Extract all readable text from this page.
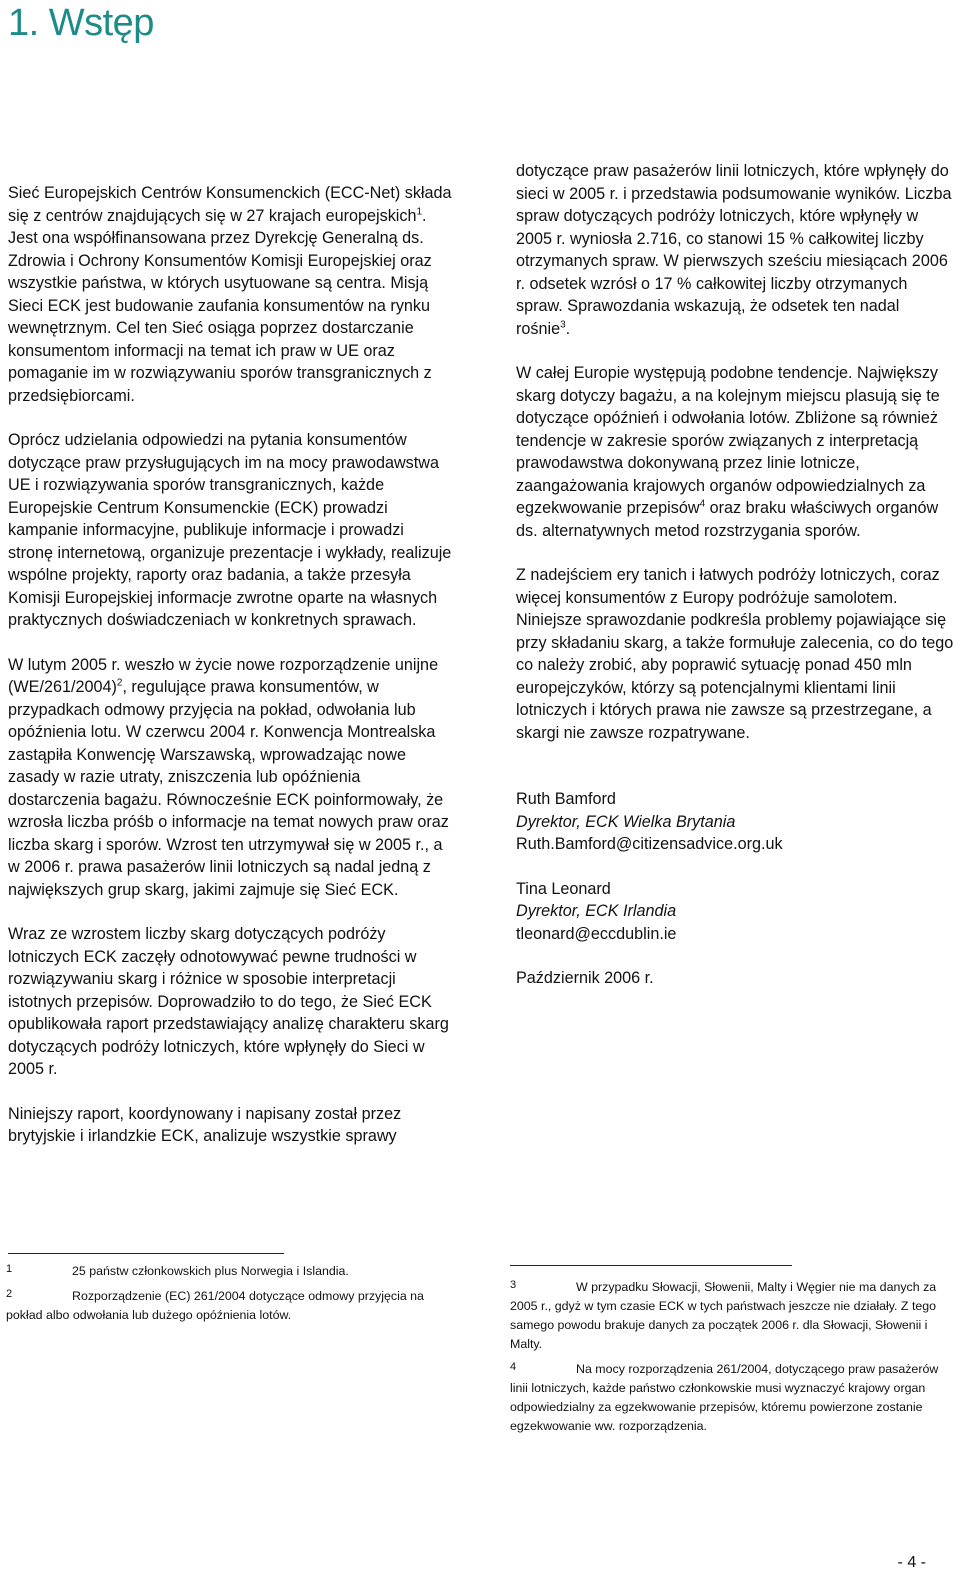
1. Wstęp

Sieć Europejskich Centrów Konsumenckich (ECC-Net) składa się z centrów znajdujących się w 27 krajach europejskich$^1$. Jest ona współfinansowana przez Dyrekcję Generalną ds. Zdrowia i Ochrony Konsumentów Komisji Europejskiej oraz wszystkie państwa, w których usytuowane są centra. Misją Sieci ECK jest budowanie zaufania konsumentów na rynku wewnętrznym. Cel ten Sieć osiąga poprzez dostarczanie konsumentom informacji na temat ich praw w UE oraz pomaganie im w rozwiązywaniu sporów transgranicznych z przedsiębiorcami.

Oprócz udzielania odpowiedzi na pytania konsumentów dotyczące praw przysługujących im na mocy prawodawstwa UE i rozwiązywania sporów transgranicznych, każde Europejskie Centrum Konsumenckie (ECK) prowadzi kampanie informacyjne, publikuje informacje i prowadzi stronę internetową, organizuje prezentacje i wykłady, realizuje wspólne projekty, raporty oraz badania, a także przesyła Komisji Europejskiej informacje zwrotne oparte na własnych praktycznych doświadczeniach w konkretnych sprawach.

W lutym 2005 r. weszło w życie nowe rozporządzenie unijne $(WE/261/2004)^2$, regulujące prawa konsumentów, w przypadkach odmowy przyjęcia na pokład, odwołania lub opóźnienia lotu. W czerwcu 2004 r. Konwencja Montrealska zastąpiła Konwencję Warszawską, wprowadzając nowe zasady w razie utraty, zniszczenia lub opóźnienia dostarczenia bagażu. Równocześnie ECK poinformowały, że wzrosła liczba próśb o informacje na temat nowych praw oraz liczba skarg i sporów. Wzrost ten utrzymywał się w 2005 r., a w 2006 r. prawa pasażerów linii lotniczych są nadal jedną z największych grup skarg, jakimi zajmuje się Sieć ECK.

Wraz ze wzrostem liczby skarg dotyczących podróży lotniczych ECK zaczęły odnotowywać pewne trudności w rozwiązywaniu skarg i różnice w sposobie interpretacji istotnych przepisów. Doprowadziło to do tego, że Sieć ECK opublikowała raport przedstawiający analizę charakteru skarg dotyczących podróży lotniczych, które wpłynęły do Sieci w 2005 r.

Niniejszy raport, koordynowany i napisany został przez brytyjskie i irlandzkie ECK, analizuje wszystkie sprawy

dotyczące praw pasażerów linii lotniczych, które wpłynęły do sieci w 2005 r. i przedstawia podsumowanie wyników. Liczba spraw dotyczących podróży lotniczych, które wpłynęły w 2005 r. wyniosła 2.716, co stanowi 15 % całkowitej liczby otrzymanych spraw. W pierwszych sześciu miesiącach 2006 r. odsetek wzrósł o 17 % całkowitej liczby otrzymanych spraw. Sprawozdania wskazują, że odsetek ten nadal rośnie$^3$.

W całej Europie występują podobne tendencje. Największy skarg dotyczy bagażu, a na kolejnym miejscu plasują się te dotyczące opóźnień i odwołania lotów. Zbliżone są również tendencje w zakresie sporów związanych z interpretacją prawodawstwa dokonywaną przez linie lotnicze, zaangażowania krajowych organów odpowiedzialnych za egzekwowanie przepisów$^4$ oraz braku właściwych organów ds. alternatywnych metod rozstrzygania sporów.

Z nadejściem ery tanich i łatwych podróży lotniczych, coraz więcej konsumentów z Europy podróżuje samolotem. Niniejsze sprawozdanie podkreśla problemy pojawiające się przy składaniu skarg, a także formułuje zalecenia, co do tego co należy zrobić, aby poprawić sytuację ponad 450 mln europejczyków, którzy są potencjalnymi klientami linii lotniczych i których prawa nie zawsze są przestrzegane, a skargi nie zawsze rozpatrywane.

Ruth Bamford

Dyrektor, ECK Wielka Brytania

Ruth.Bamford@citizensadvice.org.uk

Tina Leonard

Dyrektor, ECK Irlandia

tleonard@eccdublin.ie

Październik 2006 r.

1	25 państw członkowskich plus Norwegia i Islandia.

2	Rozporządzenie (EC) 261/2004 dotyczące odmowy przyjęcia na pokład albo odwołania lub dużego opóźnienia lotów.

3	W przypadku Słowacji, Słowenii, Malty i Węgier nie ma danych za 2005 r., gdyż w tym czasie ECK w tych państwach jeszcze nie działały. Z tego samego powodu brakuje danych za początek 2006 r. dla Słowacji, Słowenii i Malty.

4	Na mocy rozporządzenia 261/2004, dotyczącego praw pasażerów linii lotniczych, każde państwo członkowskie musi wyznaczyć krajowy organ odpowiedzialny za egzekwowanie przepisów, któremu powierzone zostanie egzekwowanie ww. rozporządzenia.

- 4 -
